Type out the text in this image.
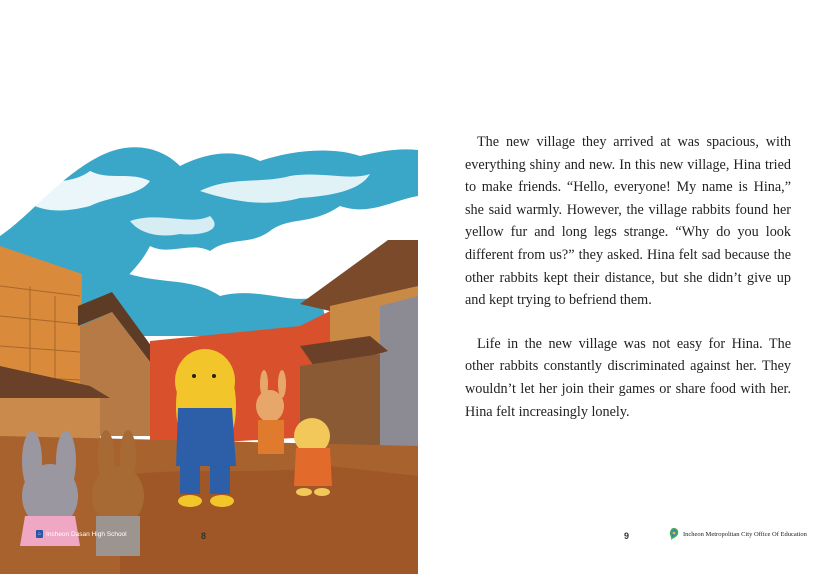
⌂ Incheon Dasan High School	8

The new village they arrived at was spacious, with everything shiny and new. In this new village, Hina tried to make friends. “Hello, everyone! My name is Hina,” she said warmly. However, the village rabbits found her yellow fur and long legs strange. “Why do you look different from us?” they asked. Hina felt sad because the other rabbits kept their distance, but she didn’t give up and kept trying to befriend them.

Life in the new village was not easy for Hina. The other rabbits constantly discriminated against her. They wouldn’t let her join their games or share food with her. Hina felt increasingly lonely.

9	Incheon Metropolitan City Office Of Education
